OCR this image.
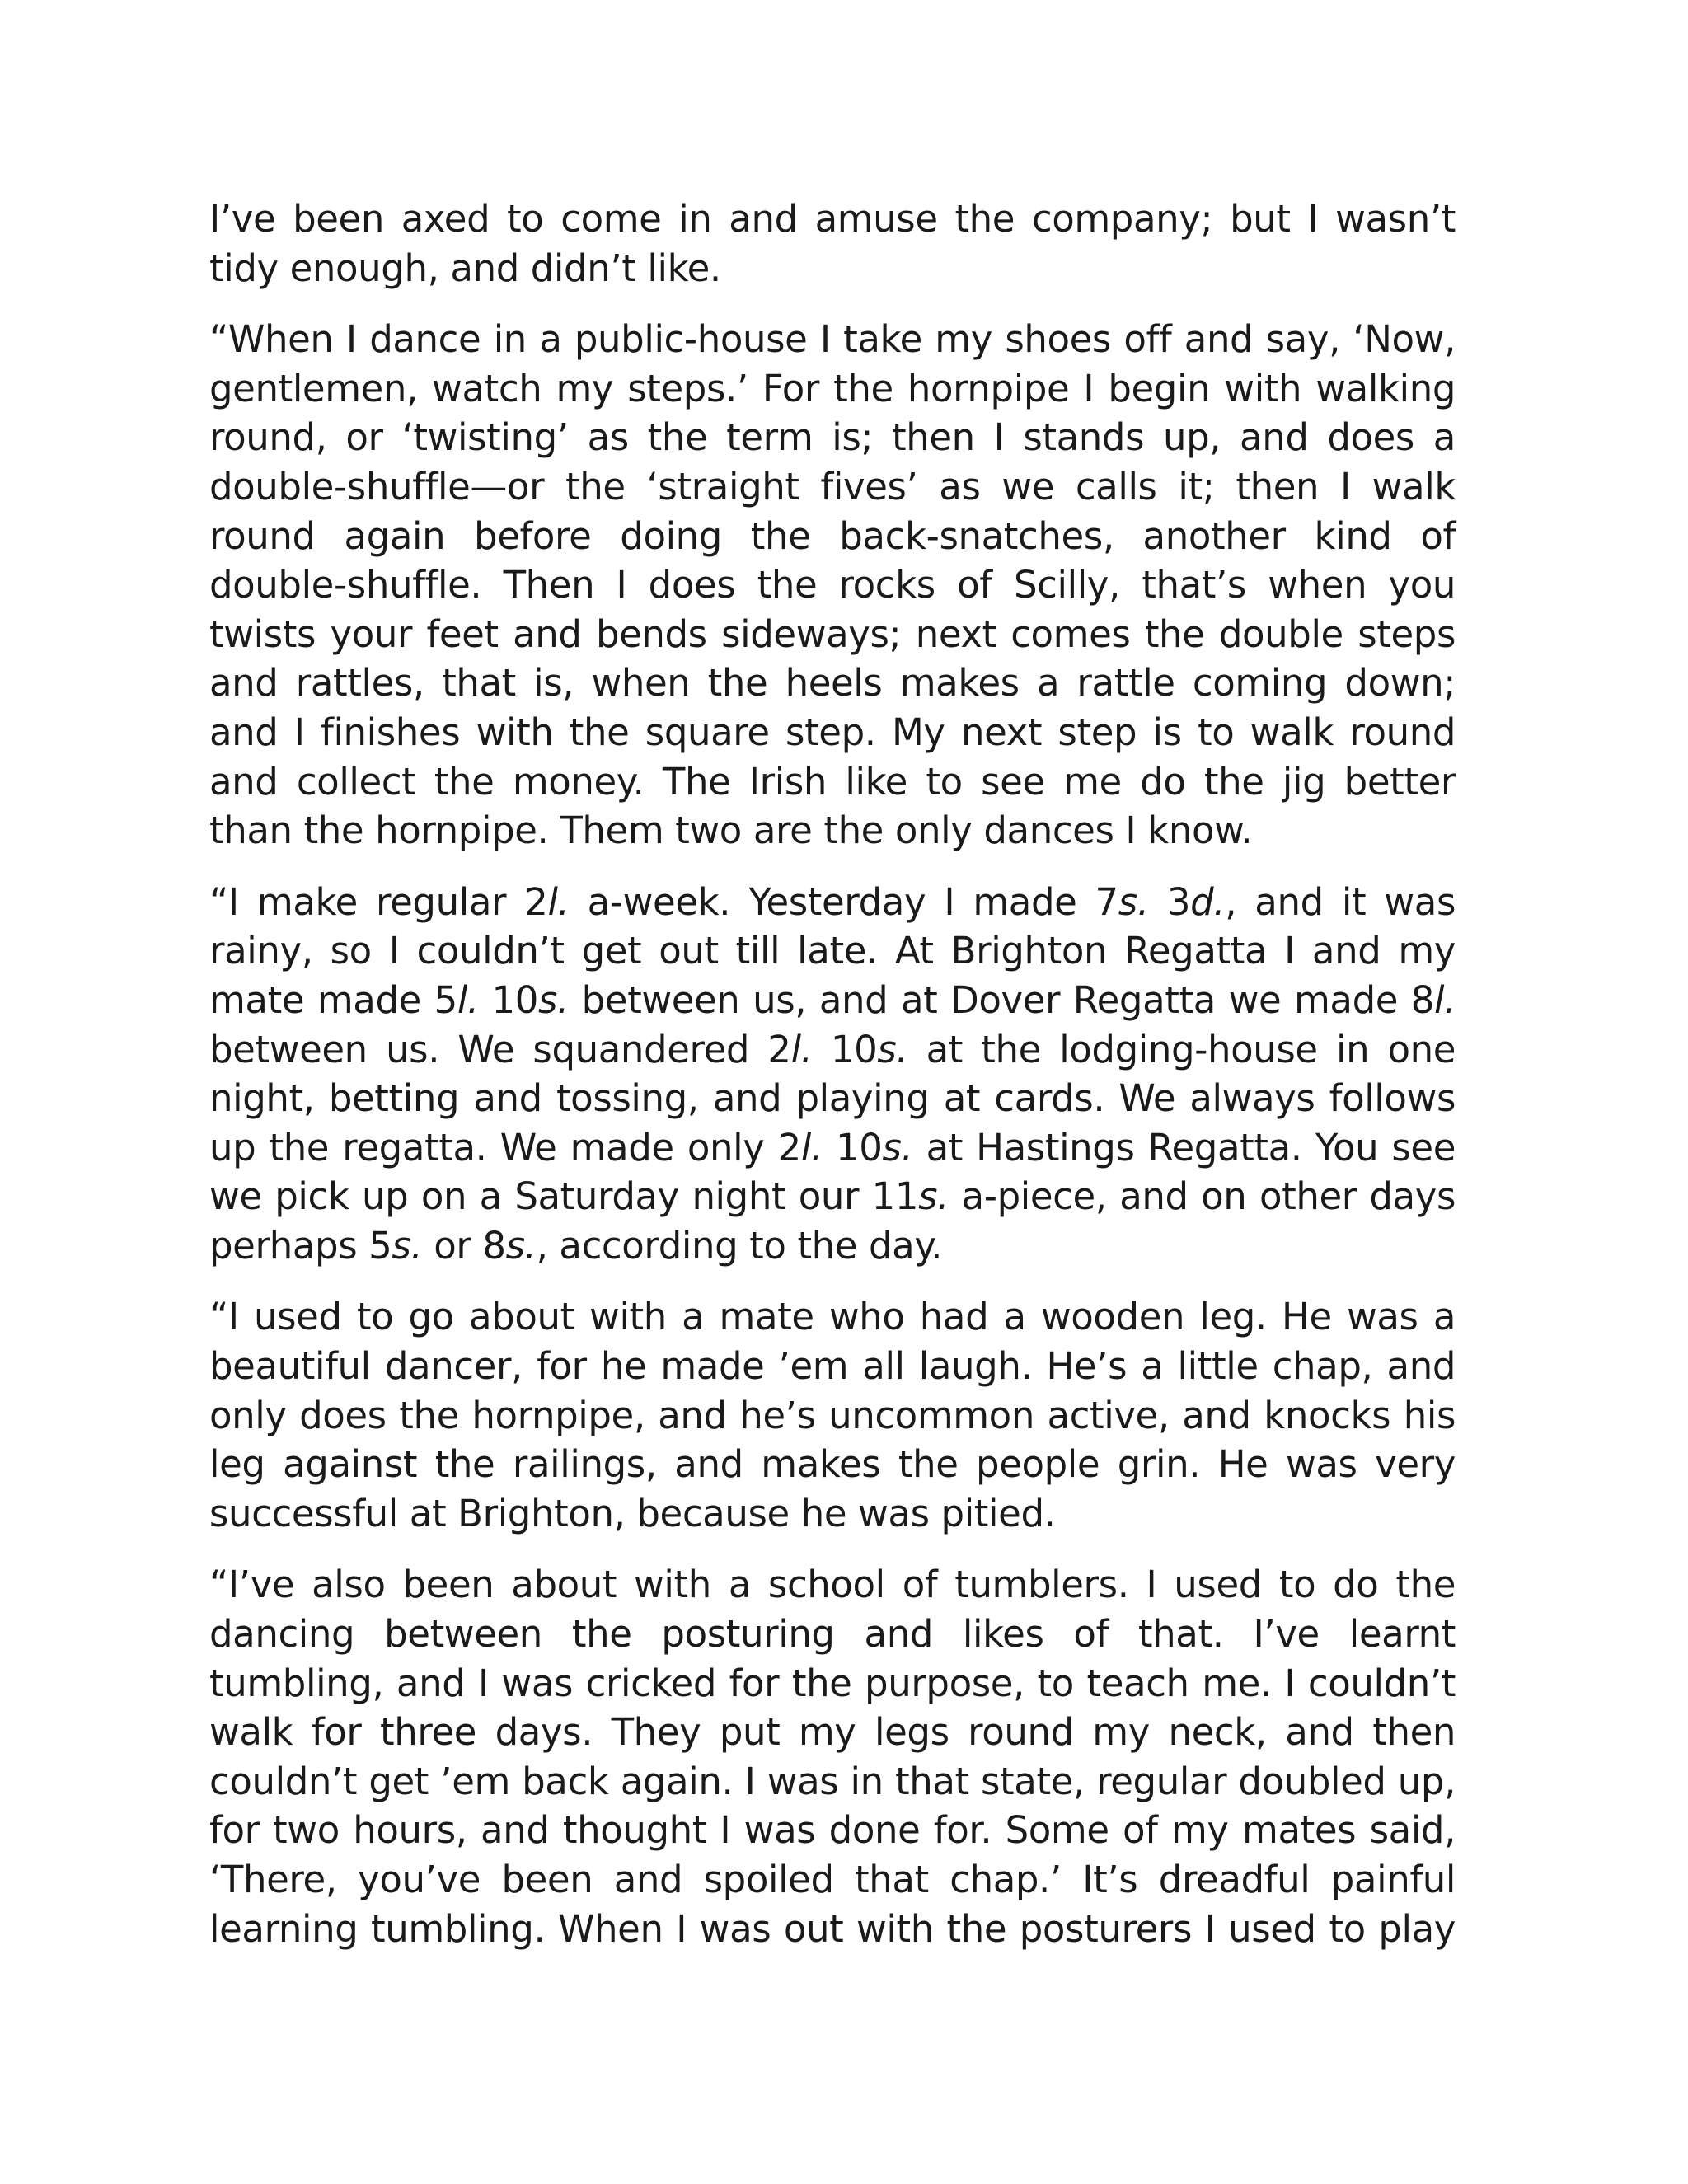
I’ve been axed to come in and amuse the company; but I wasn’t tidy enough, and didn’t like.

“When I dance in a public-house I take my shoes off and say, ‘Now, gentlemen, watch my steps.’ For the hornpipe I begin with walking round, or ‘twisting’ as the term is; then I stands up, and does a double-shuffle—or the ‘straight fives’ as we calls it; then I walk round again before doing the back-snatches, another kind of double-shuffle. Then I does the rocks of Scilly, that’s when you twists your feet and bends sideways; next comes the double steps and rattles, that is, when the heels makes a rattle coming down; and I finishes with the square step. My next step is to walk round and collect the money. The Irish like to see me do the jig better than the hornpipe. Them two are the only dances I know.

“I make regular 2l. a-week. Yesterday I made 7s. 3d., and it was rainy, so I couldn’t get out till late. At Brighton Regatta I and my mate made 5l. 10s. between us, and at Dover Regatta we made 8l. between us. We squandered 2l. 10s. at the lodging-house in one night, betting and tossing, and playing at cards. We always follows up the regatta. We made only 2l. 10s. at Hastings Regatta. You see we pick up on a Saturday night our 11s. a-piece, and on other days perhaps 5s. or 8s., according to the day.

“I used to go about with a mate who had a wooden leg. He was a beautiful dancer, for he made ’em all laugh. He’s a little chap, and only does the hornpipe, and he’s uncommon active, and knocks his leg against the railings, and makes the people grin. He was very successful at Brighton, because he was pitied.

“I’ve also been about with a school of tumblers. I used to do the dancing between the posturing and likes of that. I’ve learnt tumbling, and I was cricked for the purpose, to teach me. I couldn’t walk for three days. They put my legs round my neck, and then couldn’t get ’em back again. I was in that state, regular doubled up, for two hours, and thought I was done for. Some of my mates said, ‘There, you’ve been and spoiled that chap.’ It’s dreadful painful learning tumbling. When I was out with the posturers I used to play
